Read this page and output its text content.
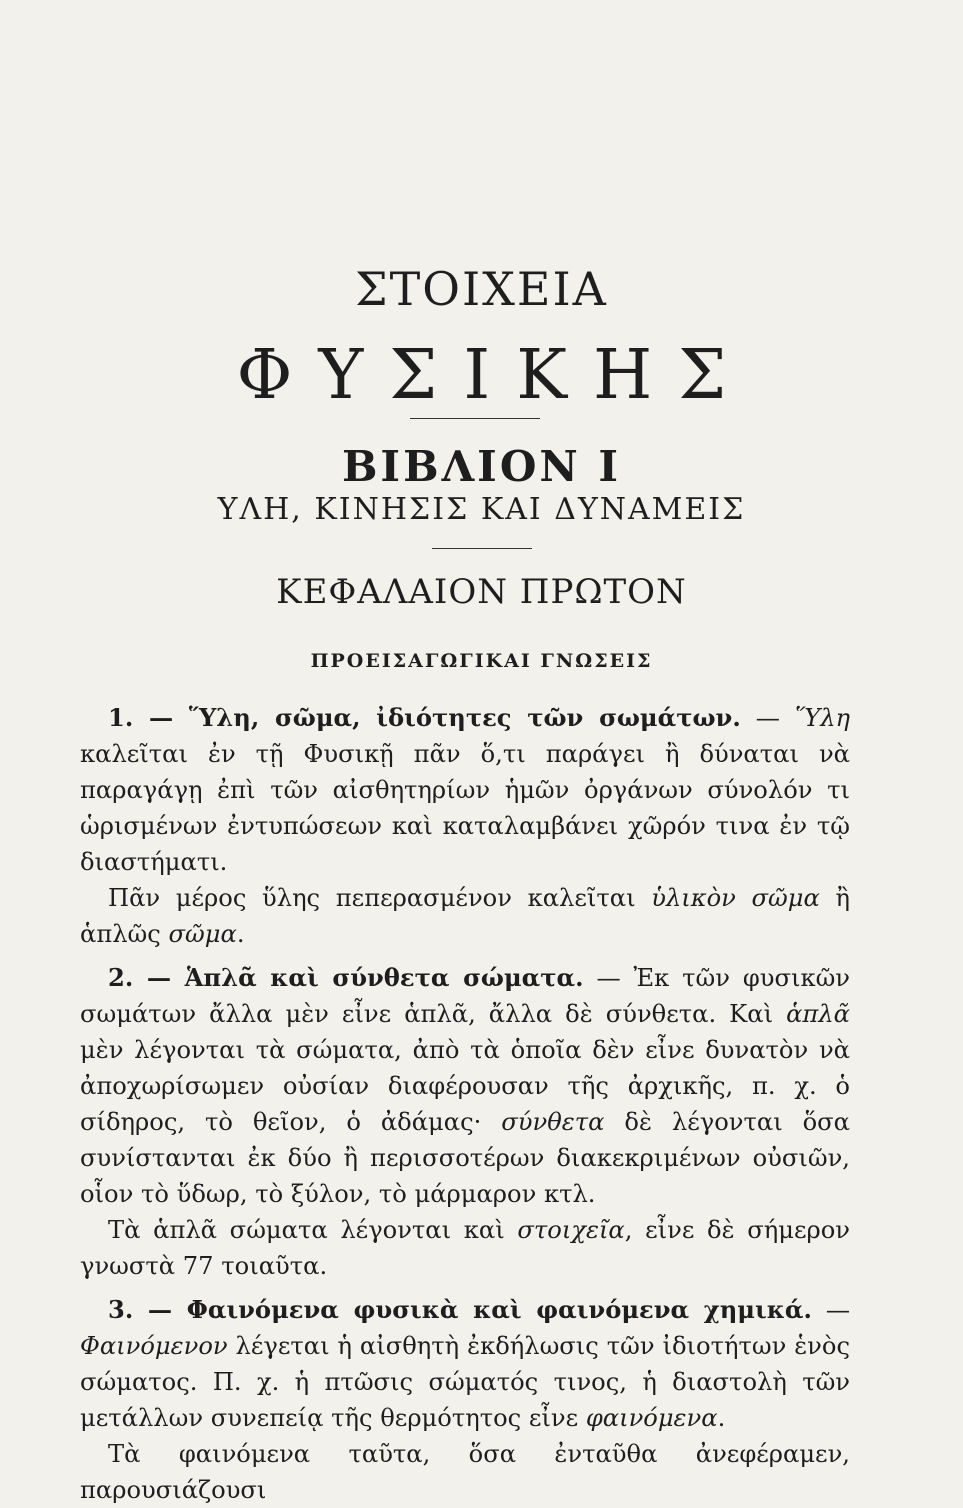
ΣΤΟΙΧΕΙΑ
ΦΥΣΙΚΗΣ
ΒΙΒΛΙΟΝ Ι
ΥΛΗ, ΚΙΝΗΣΙΣ ΚΑΙ ΔΥΝΑΜΕΙΣ
ΚΕΦΑΛΑΙΟΝ ΠΡΩΤΟΝ
ΠΡΟΕΙΣΑΓΩΓΙΚΑΙ ΓΝΩΣΕΙΣ

1. — Ὕλη, σῶμα, ἰδιότητες τῶν σωμάτων. — Ὕλη καλεῖται ἐν τῇ Φυσικῇ πᾶν ὅ,τι παράγει ἢ δύναται νὰ παραγάγῃ ἐπὶ τῶν αἰσθητηρίων ἡμῶν ὀργάνων σύνολόν τι ὡρισμένων ἐντυπώσεων καὶ καταλαμβάνει χῶρόν τινα ἐν τῷ διαστήματι.

Πᾶν μέρος ὕλης πεπερασμένον καλεῖται ὑλικὸν σῶμα ἢ ἁπλῶς σῶμα.

2. — Ἁπλᾶ καὶ σύνθετα σώματα. — Ἐκ τῶν φυσικῶν σωμάτων ἄλλα μὲν εἶνε ἁπλᾶ, ἄλλα δὲ σύνθετα. Καὶ ἁπλᾶ μὲν λέγονται τὰ σώματα, ἀπὸ τὰ ὁποῖα δὲν εἶνε δυνατὸν νὰ ἀποχωρίσωμεν οὐσίαν διαφέρουσαν τῆς ἀρχικῆς, π. χ. ὁ σίδηρος, τὸ θεῖον, ὁ ἀδάμας· σύνθετα δὲ λέγονται ὅσα συνίστανται ἐκ δύο ἢ περισσοτέρων διακεκριμένων οὐσιῶν, οἷον τὸ ὕδωρ, τὸ ξύλον, τὸ μάρμαρον κτλ.

Τὰ ἁπλᾶ σώματα λέγονται καὶ στοιχεῖα, εἶνε δὲ σήμερον γνωστὰ 77 τοιαῦτα.

3. — Φαινόμενα φυσικὰ καὶ φαινόμενα χημικά. — Φαινόμενον λέγεται ἡ αἰσθητὴ ἐκδήλωσις τῶν ἰδιοτήτων ἑνὸς σώματος. Π. χ. ἡ πτῶσις σώματός τινος, ἡ διαστολὴ τῶν μετάλλων συνεπείᾳ τῆς θερμότητος εἶνε φαινόμενα.

Τὰ φαινόμενα ταῦτα, ὅσα ἐνταῦθα ἀνεφέραμεν, παρουσιάζουσι
